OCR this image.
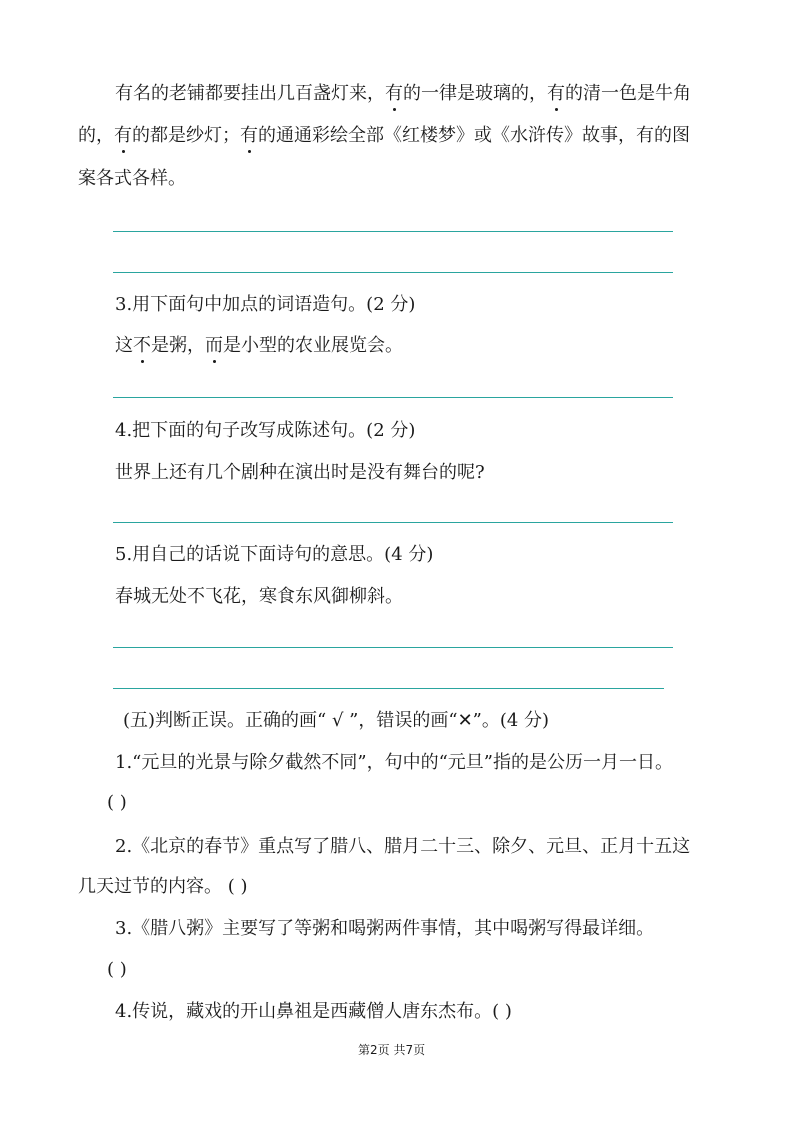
有名的老铺都要挂出几百盏灯来，有的一律是玻璃的，有的清一色是牛角
的，有的都是纱灯；有的通通彩绘全部《红楼梦》或《水浒传》故事，有的图
案各式各样。
3.用下面句中加点的词语造句。(2 分)
这不是粥，而是小型的农业展览会。
4.把下面的句子改写成陈述句。(2 分)
世界上还有几个剧种在演出时是没有舞台的呢?
5.用自己的话说下面诗句的意思。(4 分)
春城无处不飞花，寒食东风御柳斜。
(五)判断正误。正确的画“ √ ”，错误的画“✕”。(4 分)
1.“元旦的光景与除夕截然不同”，句中的“元旦”指的是公历一月一日。
( )
2.《北京的春节》重点写了腊八、腊月二十三、除夕、元旦、正月十五这
几天过节的内容。 ( )
3.《腊八粥》主要写了等粥和喝粥两件事情，其中喝粥写得最详细。
( )
4.传说，藏戏的开山鼻祖是西藏僧人唐东杰布。( )
第2页 共7页
